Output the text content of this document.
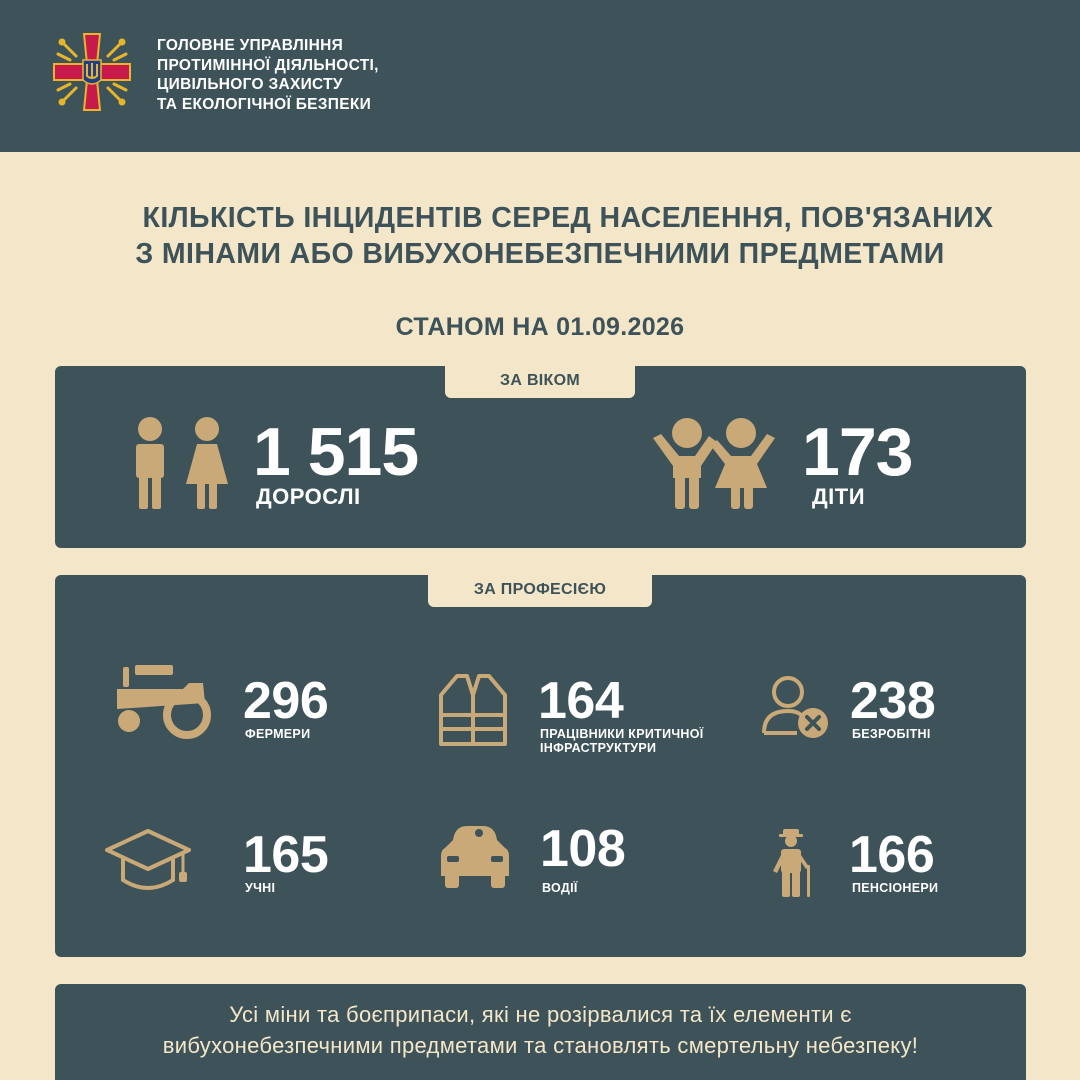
ГОЛОВНЕ УПРАВЛІННЯ
ПРОТИМІННОЇ ДІЯЛЬНОСТІ,
ЦИВІЛЬНОГО ЗАХИСТУ
ТА ЕКОЛОГІЧНОЇ БЕЗПЕКИ
КІЛЬКІСТЬ ІНЦИДЕНТІВ СЕРЕД НАСЕЛЕННЯ, ПОВ'ЯЗАНИХ
З МІНАМИ АБО ВИБУХОНЕБЕЗПЕЧНИМИ ПРЕДМЕТАМИ
СТАНОМ НА 01.09.2026
ЗА ВІКОМ
1 515
ДОРОСЛІ
173
ДІТИ
ЗА ПРОФЕСІЄЮ
296
ФЕРМЕРИ
164
ПРАЦІВНИКИ КРИТИЧНОЇ
ІНФРАСТРУКТУРИ
238
БЕЗРОБІТНІ
165
УЧНІ
108
ВОДІЇ
166
ПЕНСІОНЕРИ
Усі міни та боєприпаси, які не розірвалися та їх елементи є
вибухонебезпечними предметами та становлять смертельну небезпеку!
